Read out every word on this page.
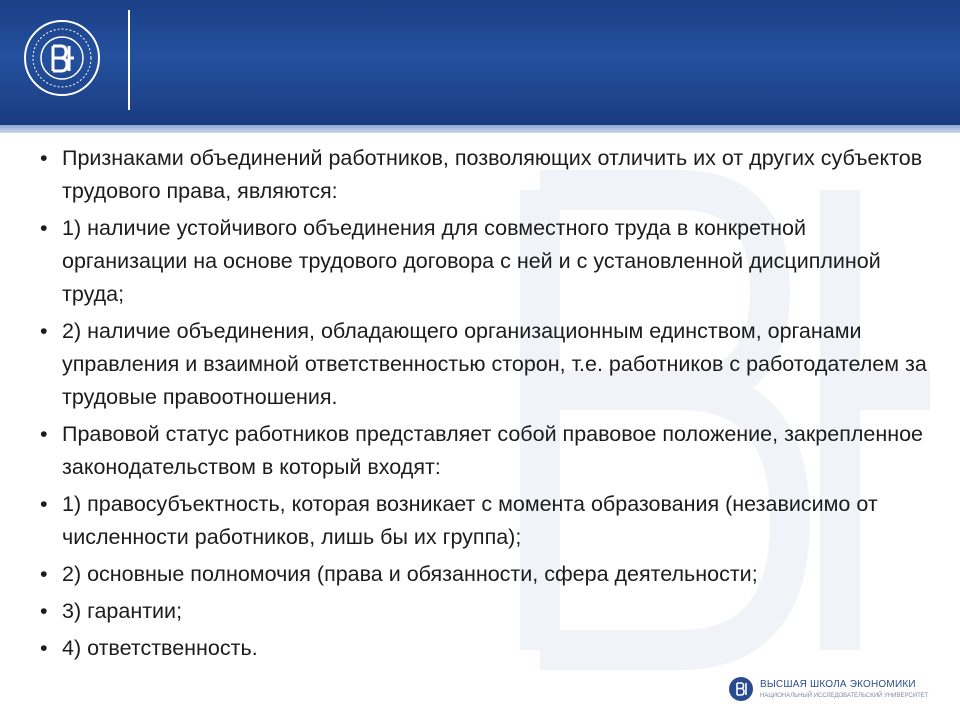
• Признаками объединений работников, позволяющих отличить их от других субъектов трудового права, являются:
• 1) наличие устойчивого объединения для совместного труда в конкретной организации на основе трудового договора с ней и с установленной дисциплиной труда;
• 2) наличие объединения, обладающего организационным единством, органами управления и взаимной ответственностью сторон, т.е. работников с работодателем за трудовые правоотношения.
• Правовой статус работников представляет собой правовое положение, закрепленное законодательством в который входят:
• 1) правосубъектность, которая возникает с момента образования (независимо от численности работников, лишь бы их группа);
• 2) основные полномочия (права и обязанности, сфера деятельности;
• 3) гарантии;
• 4) ответственность.
ВЫСШАЯ ШКОЛА ЭКОНОМИКИ
НАЦИОНАЛЬНЫЙ ИССЛЕДОВАТЕЛЬСКИЙ УНИВЕРСИТЕТ
